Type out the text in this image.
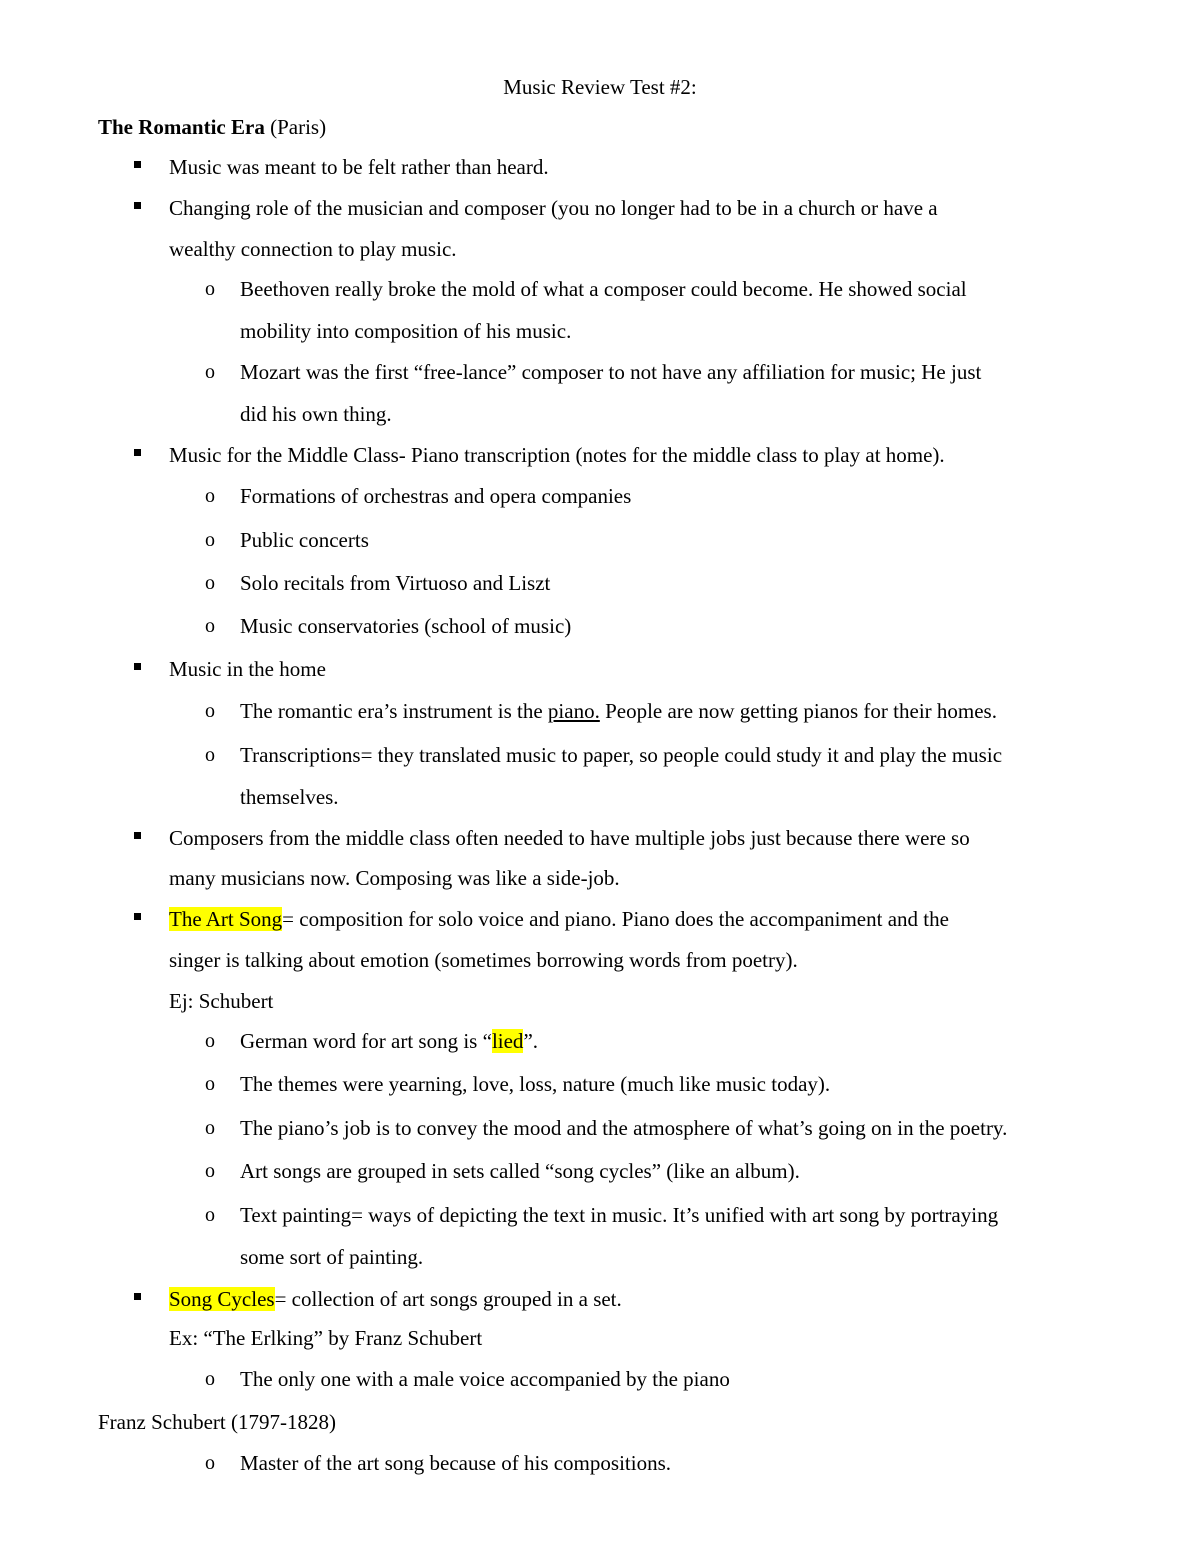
Music Review Test #2:
The Romantic Era (Paris)
Music was meant to be felt rather than heard.
Changing role of the musician and composer (you no longer had to be in a church or have a
wealthy connection to play music.
o Beethoven really broke the mold of what a composer could become. He showed social
mobility into composition of his music.
o Mozart was the first “free-lance” composer to not have any affiliation for music; He just
did his own thing.
Music for the Middle Class- Piano transcription (notes for the middle class to play at home).
o Formations of orchestras and opera companies
o Public concerts
o Solo recitals from Virtuoso and Liszt
o Music conservatories (school of music)
Music in the home
o The romantic era’s instrument is the piano. People are now getting pianos for their homes.
o Transcriptions= they translated music to paper, so people could study it and play the music
themselves.
Composers from the middle class often needed to have multiple jobs just because there were so
many musicians now. Composing was like a side-job.
The Art Song= composition for solo voice and piano. Piano does the accompaniment and the
singer is talking about emotion (sometimes borrowing words from poetry).
Ej: Schubert
o German word for art song is “lied”.
o The themes were yearning, love, loss, nature (much like music today).
o The piano’s job is to convey the mood and the atmosphere of what’s going on in the poetry.
o Art songs are grouped in sets called “song cycles” (like an album).
o Text painting= ways of depicting the text in music. It’s unified with art song by portraying
some sort of painting.
Song Cycles= collection of art songs grouped in a set.
Ex: “The Erlking” by Franz Schubert
o The only one with a male voice accompanied by the piano
Franz Schubert (1797-1828)
o Master of the art song because of his compositions.
